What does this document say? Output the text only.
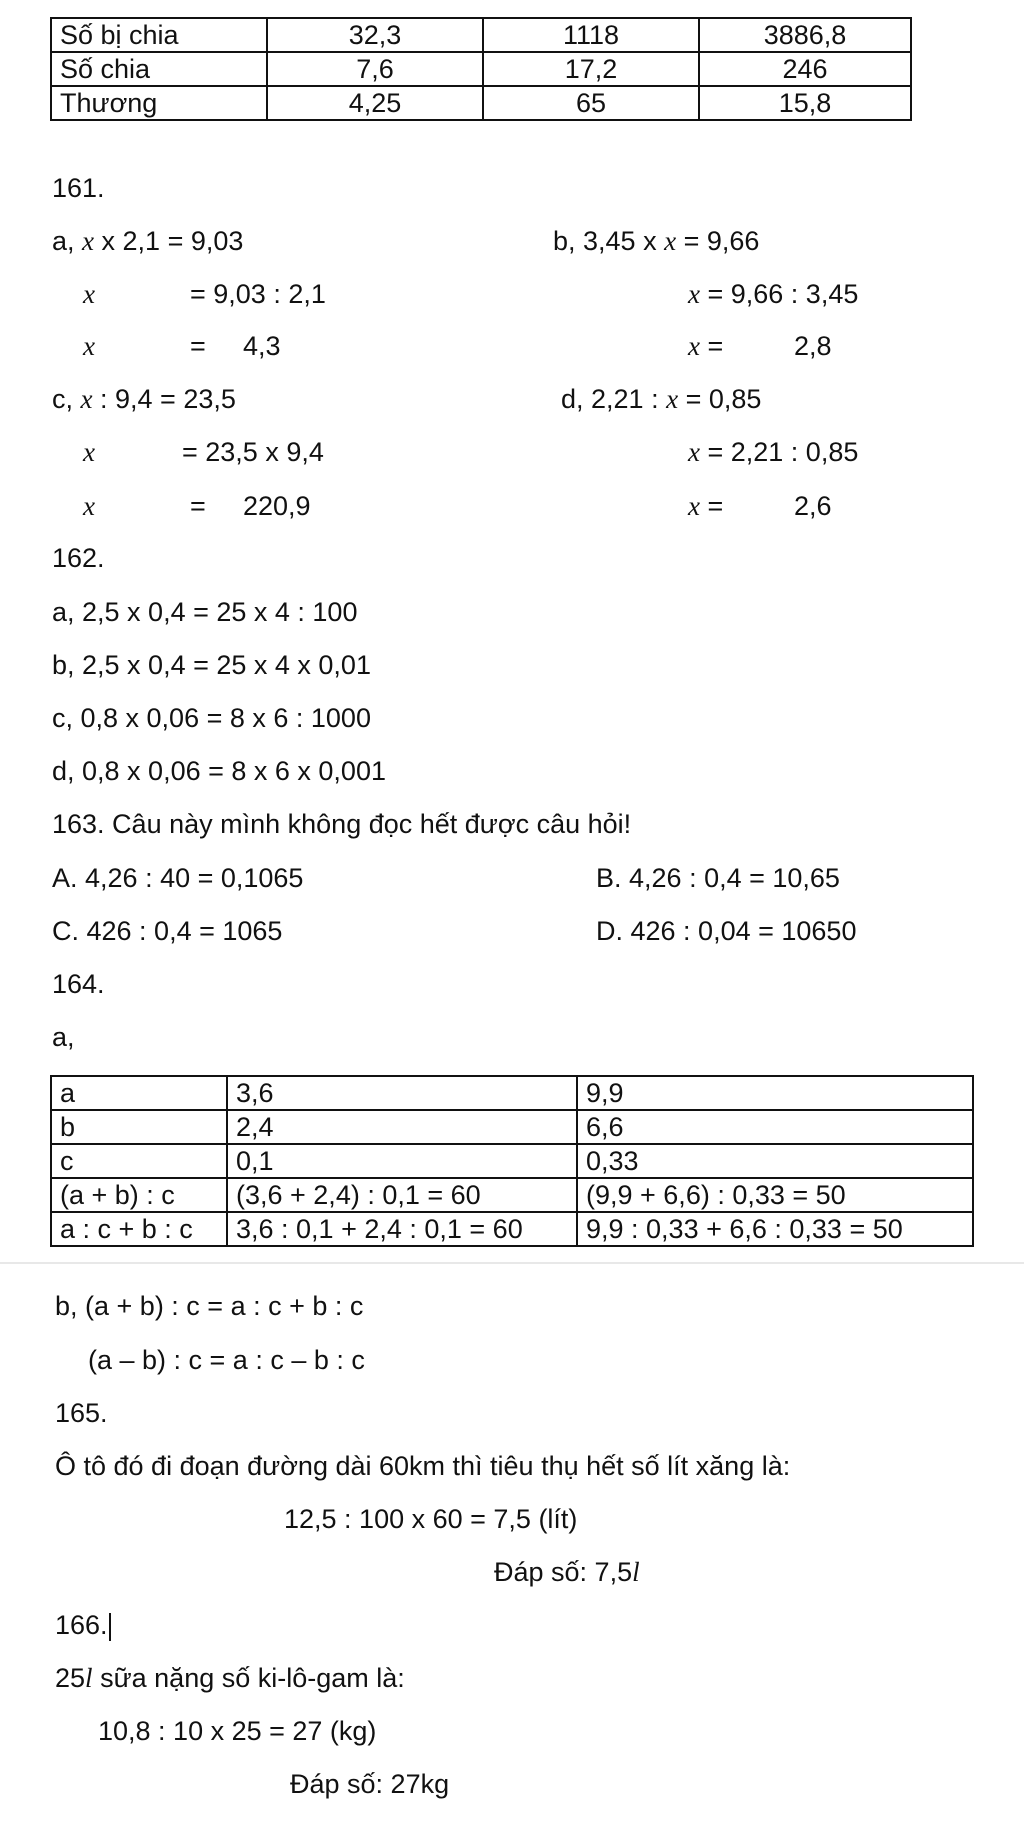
Số bị chia	32,3	1118	3886,8
Số chia	7,6	17,2	246
Thương	4,25	65	15,8
161.
a, x x 2,1 = 9,03
x	= 9,03 : 2,1
x	= 4,3
b, 3,45 x x = 9,66
x = 9,66 : 3,45
x =	2,8
c, x : 9,4 = 23,5
x	= 23,5 x 9,4
x	= 220,9
d, 2,21 : x = 0,85
x = 2,21 : 0,85
x =	2,6
162.
a, 2,5 x 0,4 = 25 x 4 : 100
b, 2,5 x 0,4 = 25 x 4 x 0,01
c, 0,8 x 0,06 = 8 x 6 : 1000
d, 0,8 x 0,06 = 8 x 6 x 0,001
163. Câu này mình không đọc hết được câu hỏi!
A. 4,26 : 40 = 0,1065	B. 4,26 : 0,4 = 10,65
C. 426 : 0,4 = 1065	D. 426 : 0,04 = 10650
164.
a,
a	3,6	9,9
b	2,4	6,6
c	0,1	0,33
(a + b) : c	(3,6 + 2,4) : 0,1 = 60	(9,9 + 6,6) : 0,33 = 50
a : c + b : c	3,6 : 0,1 + 2,4 : 0,1 = 60	9,9 : 0,33 + 6,6 : 0,33 = 50
b, (a + b) : c = a : c + b : c
(a – b) : c = a : c – b : c
165.
Ô tô đó đi đoạn đường dài 60km thì tiêu thụ hết số lít xăng là:
12,5 : 100 x 60 = 7,5 (lít)
Đáp số: 7,5l
166.
25l sữa nặng số ki-lô-gam là:
10,8 : 10 x 25 = 27 (kg)
Đáp số: 27kg
